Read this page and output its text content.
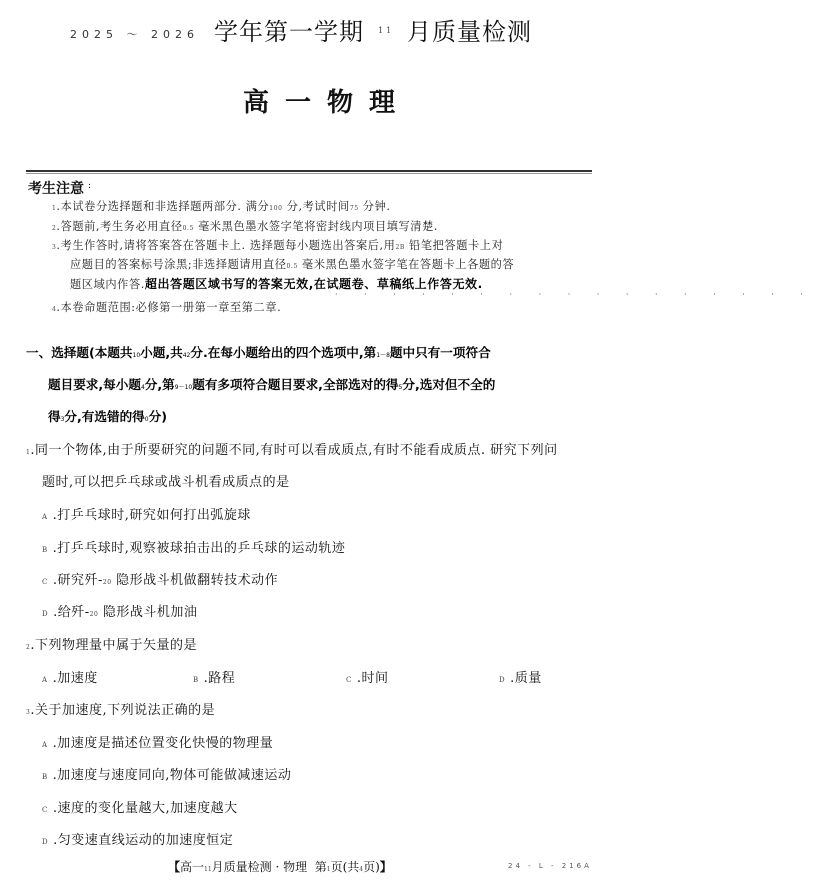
2025 ～ 2026 学年第一学期 11 月质量检测
高一物理
考生注意 :
1.本试卷分选择题和非选择题两部分. 满分100 分,考试时间75 分钟.
2.答题前,考生务必用直径0.5 毫米黑色墨水签字笔将密封线内项目填写清楚.
3.考生作答时,请将答案答在答题卡上. 选择题每小题选出答案后,用2B 铅笔把答题卡上对
应题目的答案标号涂黑;非选择题请用直径0.5 毫米黑色墨水签字笔在答题卡上各题的答
题区域内作答.超出答题区域书写的答案无效,在试题卷、草稿纸上作答无效.
· · · · · · · · · · · · · · · · ·
4.本卷命题范围:必修第一册第一章至第二章.
一、选择题(本题共10小题,共42分.在每小题给出的四个选项中,第1～8题中只有一项符合
题目要求,每小题4分,第9～10题有多项符合题目要求,全部选对的得5分,选对但不全的
得3分,有选错的得0分)
1.同一个物体,由于所要研究的问题不同,有时可以看成质点,有时不能看成质点. 研究下列问
题时,可以把乒乓球或战斗机看成质点的是
A .打乒乓球时,研究如何打出弧旋球
B .打乒乓球时,观察被球拍击出的乒乓球的运动轨迹
C .研究歼-20 隐形战斗机做翻转技术动作
D .给歼-20 隐形战斗机加油
2.下列物理量中属于矢量的是
A .加速度	B .路程	C .时间	D .质量
3.关于加速度,下列说法正确的是
A .加速度是描述位置变化快慢的物理量
B .加速度与速度同向,物体可能做减速运动
C .速度的变化量越大,加速度越大
D .匀变速直线运动的加速度恒定
【高一11月质量检测 · 物理 第1页(共4页)】	24 - L - 216A
